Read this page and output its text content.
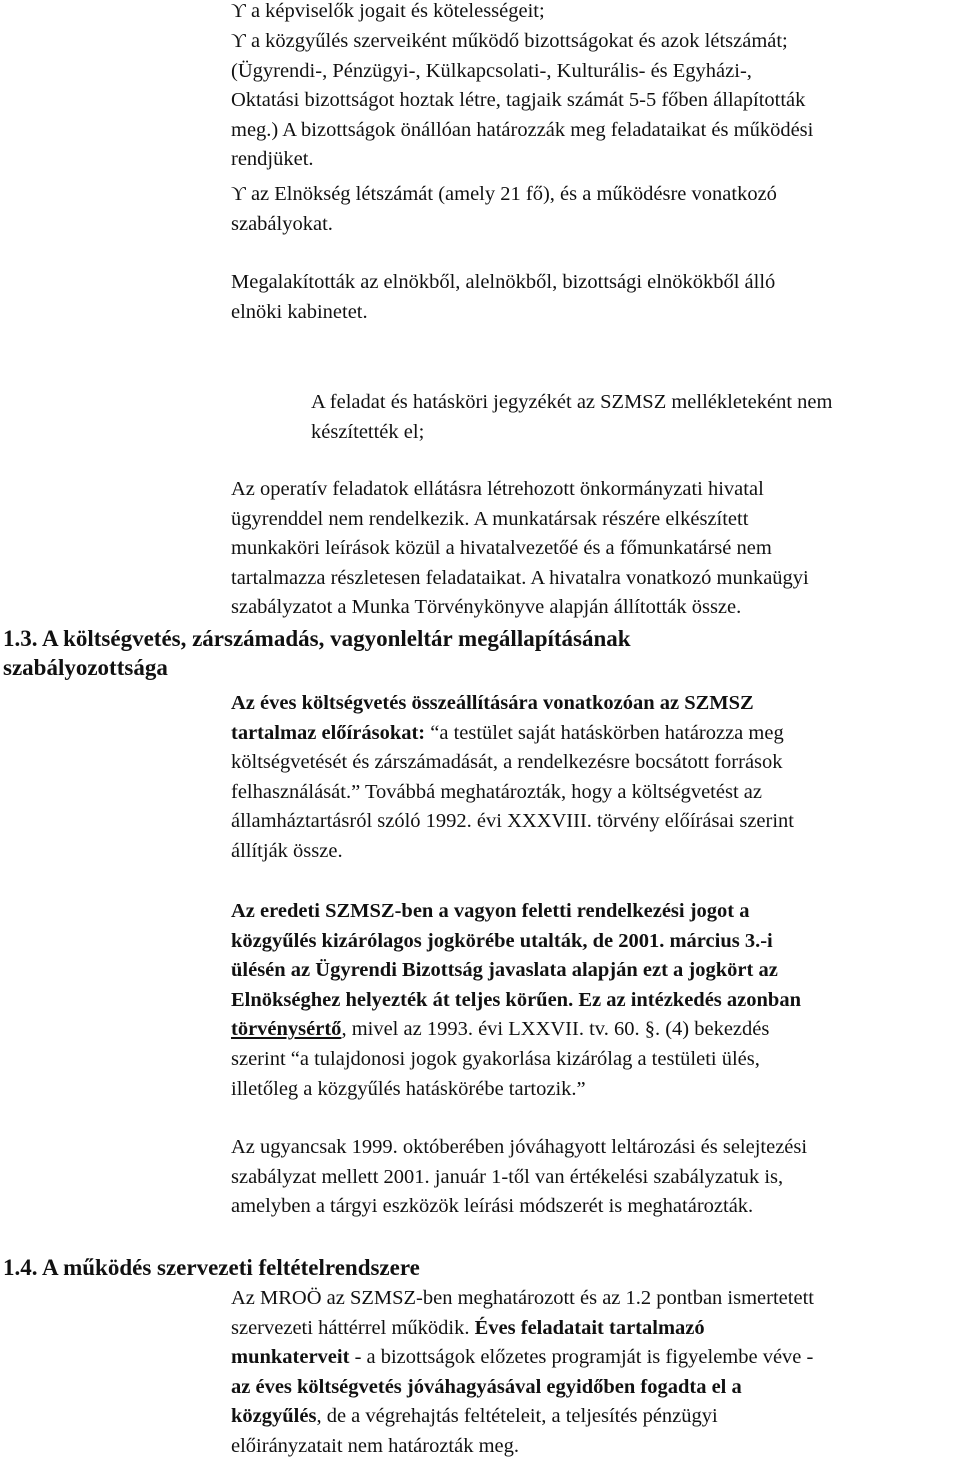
ϒ a képviselők jogait és kötelességeit;
ϒ a közgyűlés szerveiként működő bizottságokat és azok létszámát;
(Ügyrendi-, Pénzügyi-, Külkapcsolati-, Kulturális- és Egyházi-,
Oktatási bizottságot hoztak létre, tagjaik számát 5-5 főben állapították
meg.) A bizottságok önállóan határozzák meg feladataikat és működési
rendjüket.
ϒ az Elnökség létszámát (amely 21 fő), és a működésre vonatkozó
szabályokat.
Megalakították az elnökből, alelnökből, bizottsági elnökökből álló
elnöki kabinetet.
A feladat és hatásköri jegyzékét az SZMSZ mellékleteként nem
készítették el;
Az operatív feladatok ellátásra létrehozott önkormányzati hivatal
ügyrenddel nem rendelkezik. A munkatársak részére elkészített
munkaköri leírások közül a hivatalvezetőé és a főmunkatársé nem
tartalmazza részletesen feladataikat. A hivatalra vonatkozó munkaügyi
szabályzatot a Munka Törvénykönyve alapján állították össze.
1.3. A költségvetés, zárszámadás, vagyonleltár megállapításának
szabályozottsága
Az éves költségvetés összeállítására vonatkozóan az SZMSZ
tartalmaz előírásokat: “a testület saját hatáskörben határozza meg
költségvetését és zárszámadását, a rendelkezésre bocsátott források
felhasználását.” Továbbá meghatározták, hogy a költségvetést az
államháztartásról szóló 1992. évi XXXVIII. törvény előírásai szerint
állítják össze.
Az eredeti SZMSZ-ben a vagyon feletti rendelkezési jogot a
közgyűlés kizárólagos jogkörébe utalták, de 2001. március 3.-i
ülésén az Ügyrendi Bizottság javaslata alapján ezt a jogkört az
Elnökséghez helyezték át teljes körűen. Ez az intézkedés azonban
törvénysértő, mivel az 1993. évi LXXVII. tv. 60. §. (4) bekezdés
szerint “a tulajdonosi jogok gyakorlása kizárólag a testületi ülés,
illetőleg a közgyűlés hatáskörébe tartozik.”
Az ugyancsak 1999. októberében jóváhagyott leltározási és selejtezési
szabályzat mellett 2001. január 1-től van értékelési szabályzatuk is,
amelyben a tárgyi eszközök leírási módszerét is meghatározták.
1.4. A működés szervezeti feltételrendszere
Az MROÖ az SZMSZ-ben meghatározott és az 1.2 pontban ismertetett
szervezeti háttérrel működik. Éves feladatait tartalmazó
munkaterveit - a bizottságok előzetes programját is figyelembe véve -
az éves költségvetés jóváhagyásával egyidőben fogadta el a
közgyűlés, de a végrehajtás feltételeit, a teljesítés pénzügyi
előirányzatait nem határozták meg.
